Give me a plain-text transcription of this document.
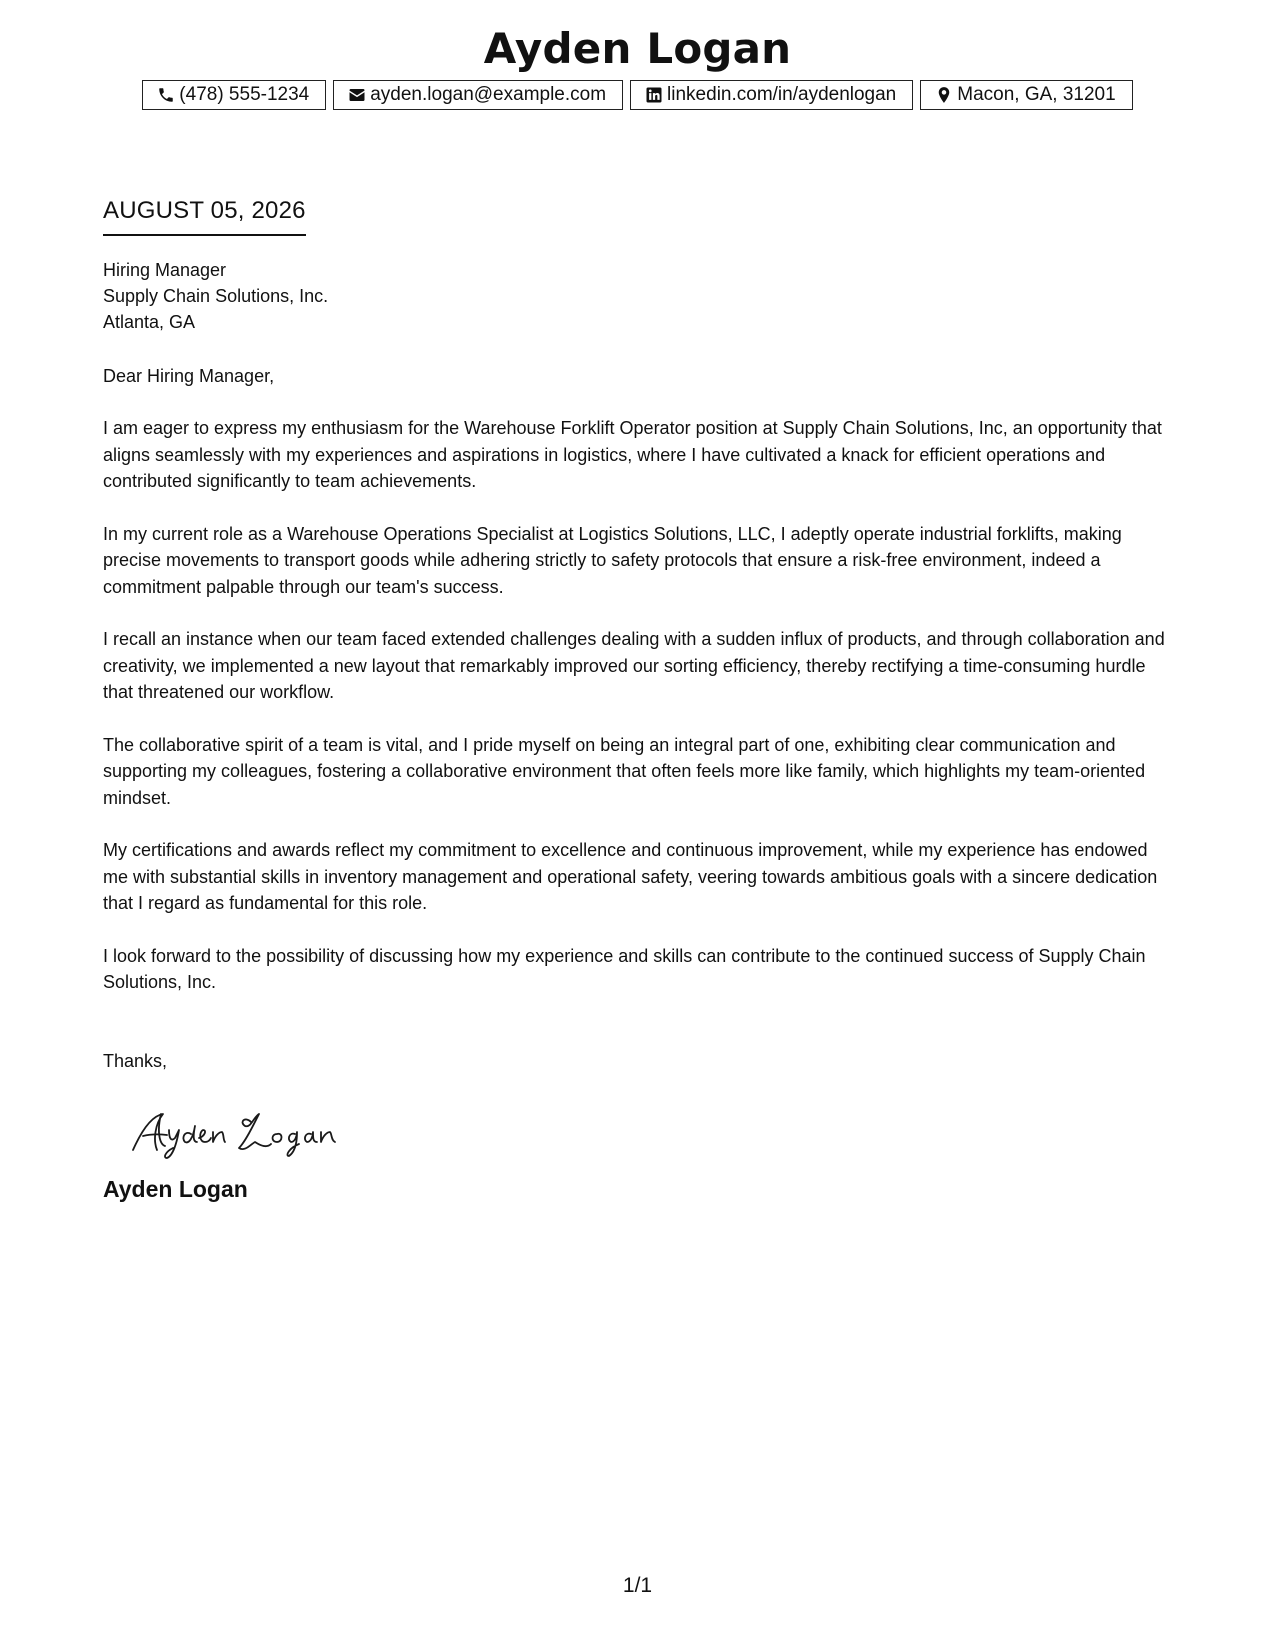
Ayden Logan
(478) 555-1234	ayden.logan@example.com	linkedin.com/in/aydenlogan	Macon, GA, 31201
AUGUST 05, 2026
Hiring Manager
Supply Chain Solutions, Inc.
Atlanta, GA
Dear Hiring Manager,
I am eager to express my enthusiasm for the Warehouse Forklift Operator position at Supply Chain Solutions, Inc, an opportunity that aligns seamlessly with my experiences and aspirations in logistics, where I have cultivated a knack for efficient operations and contributed significantly to team achievements.
In my current role as a Warehouse Operations Specialist at Logistics Solutions, LLC, I adeptly operate industrial forklifts, making precise movements to transport goods while adhering strictly to safety protocols that ensure a risk-free environment, indeed a commitment palpable through our team's success.
I recall an instance when our team faced extended challenges dealing with a sudden influx of products, and through collaboration and creativity, we implemented a new layout that remarkably improved our sorting efficiency, thereby rectifying a time-consuming hurdle that threatened our workflow.
The collaborative spirit of a team is vital, and I pride myself on being an integral part of one, exhibiting clear communication and supporting my colleagues, fostering a collaborative environment that often feels more like family, which highlights my team-oriented mindset.
My certifications and awards reflect my commitment to excellence and continuous improvement, while my experience has endowed me with substantial skills in inventory management and operational safety, veering towards ambitious goals with a sincere dedication that I regard as fundamental for this role.
I look forward to the possibility of discussing how my experience and skills can contribute to the continued success of Supply Chain Solutions, Inc.
Thanks,
Ayden Logan
1/1
